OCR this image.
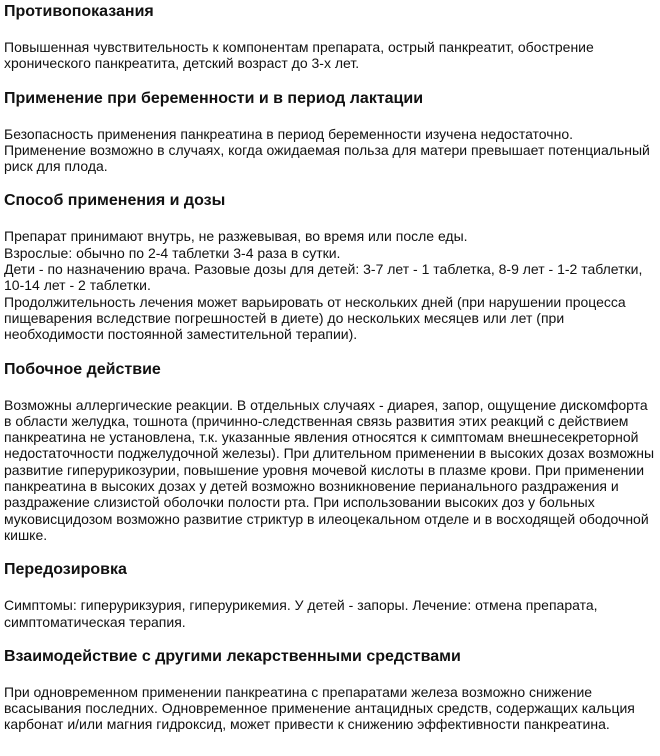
Противопоказания

Повышенная чувствительность к компонентам препарата, острый панкреатит, обострение хронического панкреатита, детский возраст до 3-х лет.

Применение при беременности и в период лактации

Безопасность применения панкреатина в период беременности изучена недостаточно. Применение возможно в случаях, когда ожидаемая польза для матери превышает потенциальный риск для плода.

Способ применения и дозы

Препарат принимают внутрь, не разжевывая, во время или после еды.

Взрослые: обычно по 2-4 таблетки 3-4 раза в сутки.

Дети - по назначению врача. Разовые дозы для детей: 3-7 лет - 1 таблетка, 8-9 лет - 1-2 таблетки, 10-14 лет - 2 таблетки.

Продолжительность лечения может варьировать от нескольких дней (при нарушении процесса пищеварения вследствие погрешностей в диете) до нескольких месяцев или лет (при необходимости постоянной заместительной терапии).

Побочное действие

Возможны аллергические реакции. В отдельных случаях - диарея, запор, ощущение дискомфорта в области желудка, тошнота (причинно-следственная связь развития этих реакций с действием панкреатина не установлена, т.к. указанные явления относятся к симптомам внешнесекреторной недостаточности поджелудочной железы). При длительном применении в высоких дозах возможны развитие гиперурикозурии, повышение уровня мочевой кислоты в плазме крови. При применении панкреатина в высоких дозах у детей возможно возникновение перианального раздражения и раздражение слизистой оболочки полости рта. При использовании высоких доз у больных муковисцидозом возможно развитие стриктур в илеоцекальном отделе и в восходящей ободочной кишке.

Передозировка

Симптомы: гиперурикзурия, гиперурикемия. У детей - запоры. Лечение: отмена препарата, симптоматическая терапия.

Взаимодействие с другими лекарственными средствами

При одновременном применении панкреатина с препаратами железа возможно снижение всасывания последних. Одновременное применение антацидных средств, содержащих кальция карбонат и/или магния гидроксид, может привести к снижению эффективности панкреатина.
